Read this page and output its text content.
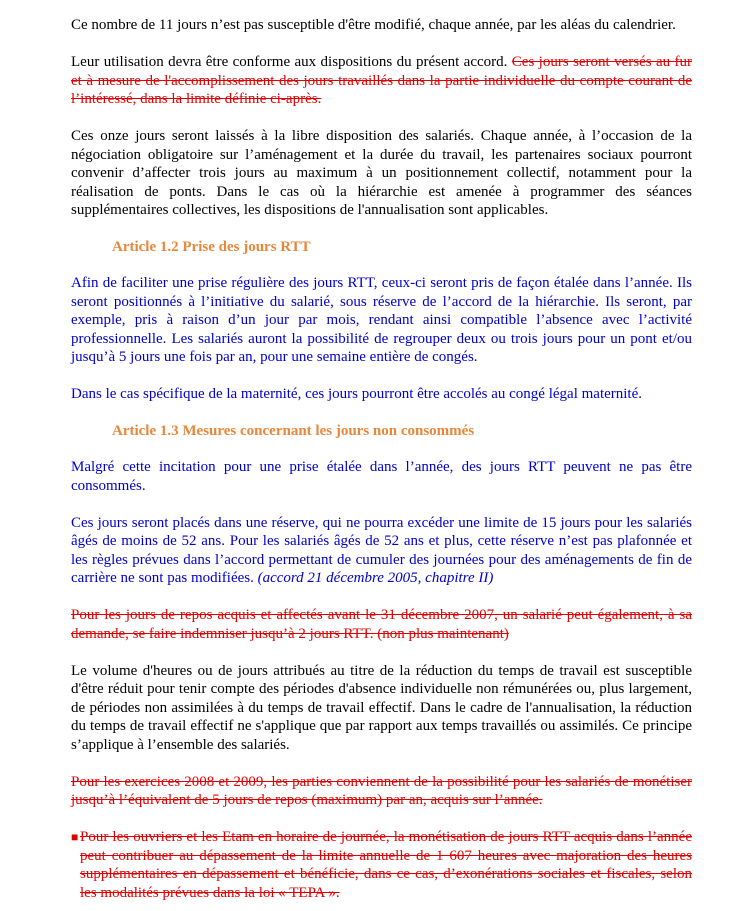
Ce nombre de 11 jours n’est pas susceptible d'être modifié, chaque année, par les aléas du calendrier.

Leur utilisation devra être conforme aux dispositions du présent accord. Ces jours seront versés au fur et à mesure de l'accomplissement des jours travaillés dans la partie individuelle du compte courant de l’intéressé, dans la limite définie ci-après.

Ces onze jours seront laissés à la libre disposition des salariés. Chaque année, à l’occasion de la négociation obligatoire sur l’aménagement et la durée du travail, les partenaires sociaux pourront convenir d’affecter trois jours au maximum à un positionnement collectif, notamment pour la réalisation de ponts. Dans le cas où la hiérarchie est amenée à programmer des séances supplémentaires collectives, les dispositions de l'annualisation sont applicables.

Article 1.2 Prise des jours RTT

Afin de faciliter une prise régulière des jours RTT, ceux-ci seront pris de façon étalée dans l’année. Ils seront positionnés à l’initiative du salarié, sous réserve de l’accord de la hiérarchie. Ils seront, par exemple, pris à raison d’un jour par mois, rendant ainsi compatible l’absence avec l’activité professionnelle. Les salariés auront la possibilité de regrouper deux ou trois jours pour un pont et/ou jusqu’à 5 jours une fois par an, pour une semaine entière de congés.

Dans le cas spécifique de la maternité, ces jours pourront être accolés au congé légal maternité.

Article 1.3 Mesures concernant les jours non consommés

Malgré cette incitation pour une prise étalée dans l’année, des jours RTT peuvent ne pas être consommés.

Ces jours seront placés dans une réserve, qui ne pourra excéder une limite de 15 jours pour les salariés âgés de moins de 52 ans. Pour les salariés âgés de 52 ans et plus, cette réserve n’est pas plafonnée et les règles prévues dans l’accord permettant de cumuler des journées pour des aménagements de fin de carrière ne sont pas modifiées. (accord 21 décembre 2005, chapitre II)

Pour les jours de repos acquis et affectés avant le 31 décembre 2007, un salarié peut également, à sa demande, se faire indemniser jusqu’à 2 jours RTT. (non plus maintenant)

Le volume d'heures ou de jours attribués au titre de la réduction du temps de travail est susceptible d'être réduit pour tenir compte des périodes d'absence individuelle non rémunérées ou, plus largement, de périodes non assimilées à du temps de travail effectif. Dans le cadre de l'annualisation, la réduction du temps de travail effectif ne s'applique que par rapport aux temps travaillés ou assimilés. Ce principe s’applique à l’ensemble des salariés.

Pour les exercices 2008 et 2009, les parties conviennent de la possibilité pour les salariés de monétiser jusqu’à l’équivalent de 5 jours de repos (maximum) par an, acquis sur l’année.

■ Pour les ouvriers et les Etam en horaire de journée, la monétisation de jours RTT acquis dans l’année peut contribuer au dépassement de la limite annuelle de 1 607 heures avec majoration des heures supplémentaires en dépassement et bénéficie, dans ce cas, d’exonérations sociales et fiscales, selon les modalités prévues dans la loi « TEPA ».
